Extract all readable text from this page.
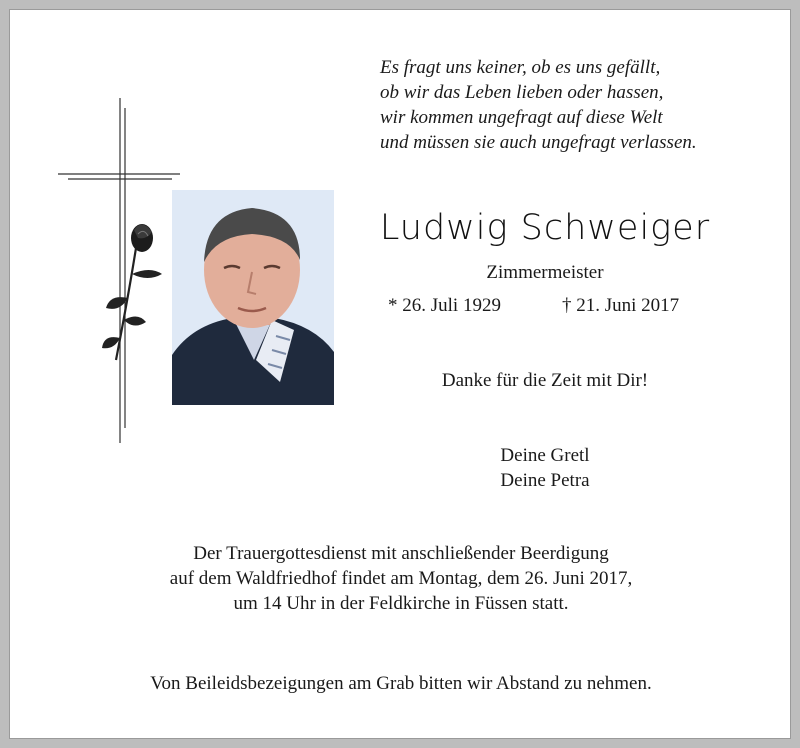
Es fragt uns keiner, ob es uns gefällt,
ob wir das Leben lieben oder hassen,
wir kommen ungefragt auf diese Welt
und müssen sie auch ungefragt verlassen.
Ludwig Schweiger
Zimmermeister
* 26. Juli 1929	† 21. Juni 2017
Danke für die Zeit mit Dir!
Deine Gretl
Deine Petra
Der Trauergottesdienst mit anschließender Beerdigung
auf dem Waldfriedhof findet am Montag, dem 26. Juni 2017,
um 14 Uhr in der Feldkirche in Füssen statt.
Von Beileidsbezeigungen am Grab bitten wir Abstand zu nehmen.
